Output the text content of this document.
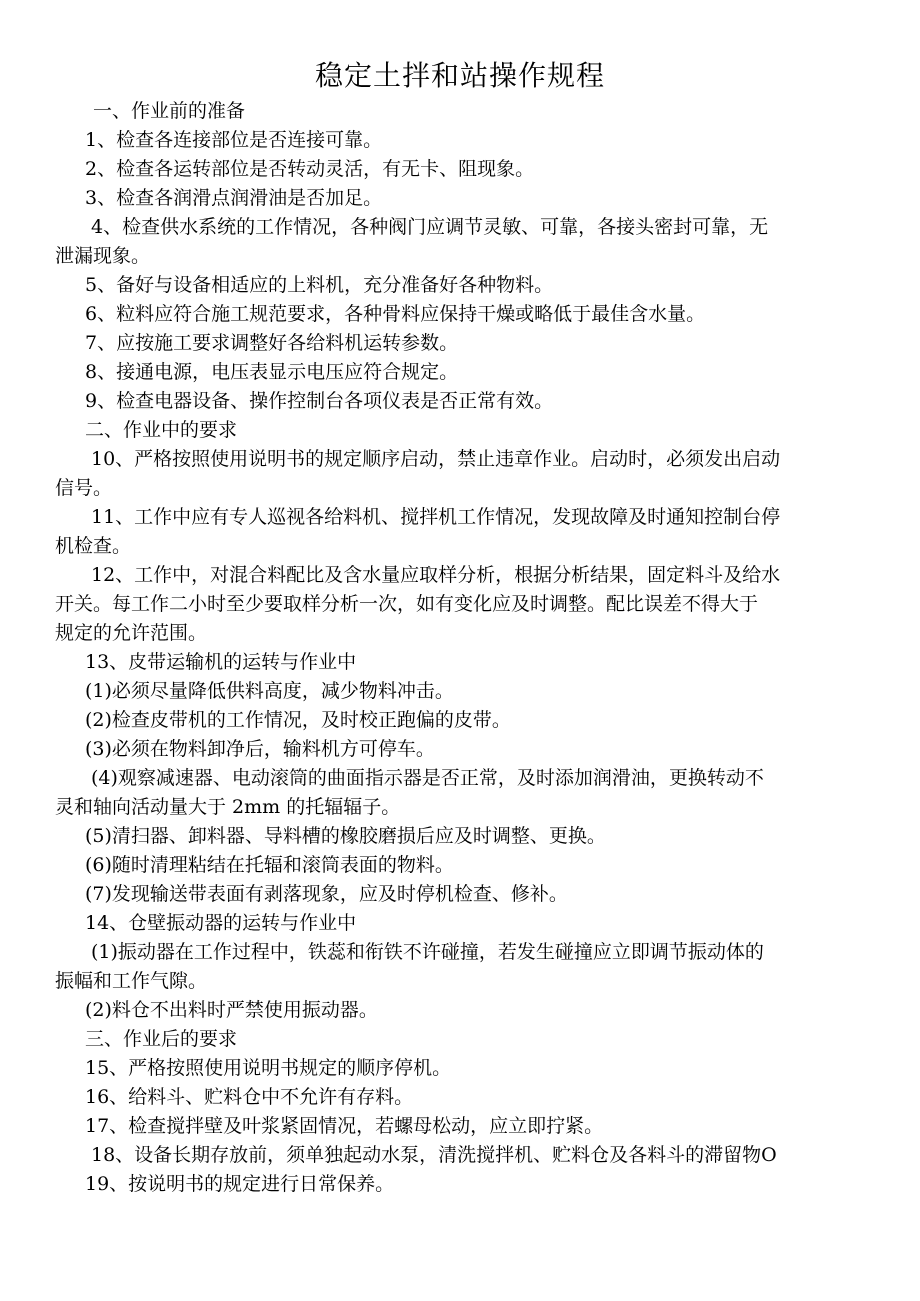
稳定土拌和站操作规程
一、作业前的准备
1、检查各连接部位是否连接可靠。
2、检查各运转部位是否转动灵活，有无卡、阻现象。
3、检查各润滑点润滑油是否加足。
4、检查供水系统的工作情况，各种阀门应调节灵敏、可靠，各接头密封可靠，无
泄漏现象。
5、备好与设备相适应的上料机，充分准备好各种物料。
6、粒料应符合施工规范要求，各种骨料应保持干燥或略低于最佳含水量。
7、应按施工要求调整好各给料机运转参数。
8、接通电源，电压表显示电压应符合规定。
9、检查电器设备、操作控制台各项仪表是否正常有效。
二、作业中的要求
10、严格按照使用说明书的规定顺序启动，禁止违章作业。启动时，必须发出启动
信号。
11、工作中应有专人巡视各给料机、搅拌机工作情况，发现故障及时通知控制台停
机检查。
12、工作中，对混合料配比及含水量应取样分析，根据分析结果，固定料斗及给水
开关。每工作二小时至少要取样分析一次，如有变化应及时调整。配比误差不得大于
规定的允许范围。
13、皮带运输机的运转与作业中
(1)必须尽量降低供料高度，减少物料冲击。
(2)检查皮带机的工作情况，及时校正跑偏的皮带。
(3)必须在物料卸净后，输料机方可停车。
(4)观察减速器、电动滚筒的曲面指示器是否正常，及时添加润滑油，更换转动不
灵和轴向活动量大于 2mm 的托辐辐子。
(5)清扫器、卸料器、导料槽的橡胶磨损后应及时调整、更换。
(6)随时清理粘结在托辐和滚筒表面的物料。
(7)发现输送带表面有剥落现象，应及时停机检查、修补。
14、仓壁振动器的运转与作业中
(1)振动器在工作过程中，铁蕊和衔铁不许碰撞，若发生碰撞应立即调节振动体的
振幅和工作气隙。
(2)料仓不出料时严禁使用振动器。
三、作业后的要求
15、严格按照使用说明书规定的顺序停机。
16、给料斗、贮料仓中不允许有存料。
17、检查搅拌壁及叶浆紧固情况，若螺母松动，应立即拧紧。
18、设备长期存放前，须单独起动水泵，清洗搅拌机、贮料仓及各料斗的滞留物O
19、按说明书的规定进行日常保养。
